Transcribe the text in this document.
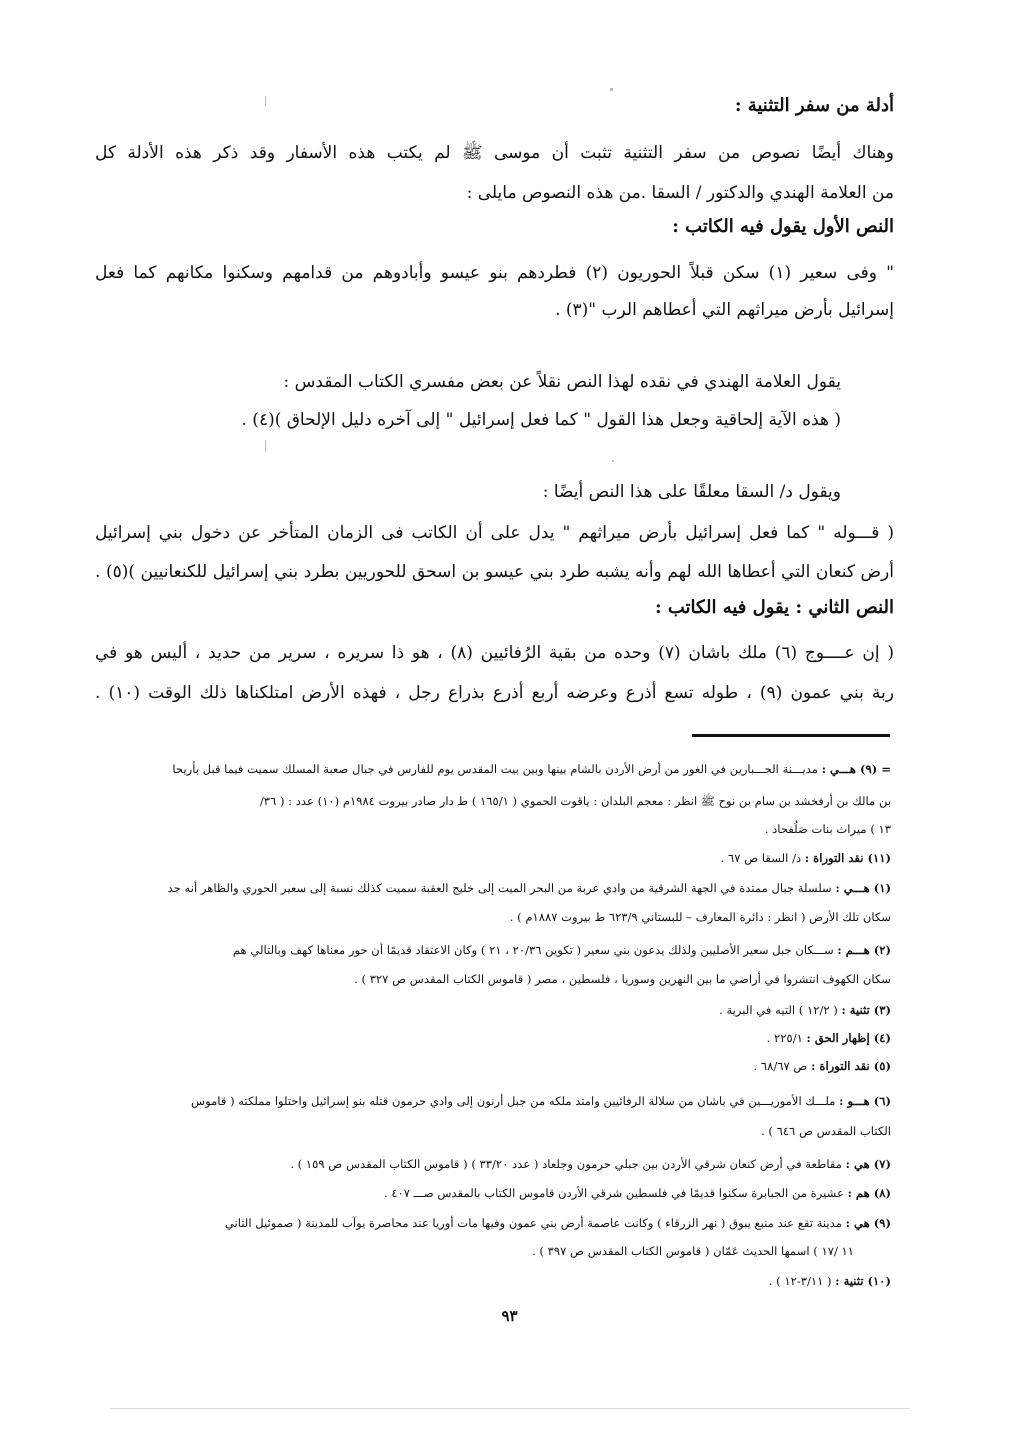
أدلة من سفر التثنية :
وهناك أيضًا نصوص من سفر التثنية تثبت أن موسى ﷺ لم يكتب هذه الأسفار وقد ذكر هذه الأدلة كل
من العلامة الهندي والدكتور / السقا .من هذه النصوص مايلى :
النص الأول يقول فيه الكاتب :
" وفى سعير (١) سكن قبلاً الحوريون (٢) فطردهم بنو عيسو وأبادوهم من قدامهم وسكنوا مكانهم كما فعل
إسرائيل بأرض ميراثهم التي أعطاهم الرب "(٣) .
يقول العلامة الهندي في نقده لهذا النص نقلاً عن بعض مفسري الكتاب المقدس :
( هذه الآية إلحاقية وجعل هذا القول " كما فعل إسرائيل " إلى آخره دليل الإلحاق )(٤) .
ويقول د/ السقا معلقًا على هذا النص أيضًا :
( قـــوله " كما فعل إسرائيل بأرض ميراثهم " يدل على أن الكاتب فى الزمان المتأخر عن دخول بني إسرائيل
أرض كنعان التي أعطاها الله لهم وأنه يشبه طرد بني عيسو بن اسحق للحوريين بطرد بني إسرائيل للكنعانيين )(٥) .
النص الثاني : يقول فيه الكاتب :
( إن عــــوج (٦) ملك باشان (٧) وحده من بقية الرُفائيين (٨) ، هو ذا سريره ، سرير من حديد ، أليس هو في
ربة بني عمون (٩) ، طوله تسع أذرع وعرضه أربع أذرع بذراع رجل ، فهذه الأرض امتلكناها ذلك الوقت (١٠) .
= (٩) هـــي : مديـــنة الجـــبارين في الغور من أرض الأردن بالشام بينها وبين بيت المقدس يوم للفارس في جبال صعبة المسلك سميت فيما قبل بأريحا
بن مالك بن أرفخشد بن سام بن نوح ﷺ انظر : معجم البلدان : ياقوت الحموي ( ١٦٥/١ ) ط دار صادر بيروت ١٩٨٤م (١٠) عدد : ( ٣٦/
١٣ ) ميراث بنات صَلُفحاد .
(١١) نقد التوراة : د/ السقا ص ٦٧ .
(١) هـــي : سلسلة جبال ممتدة في الجهة الشرقية من وادي عربة من البحر الميت إلى خليج العقبة سميت كذلك نسبة إلى سعير الحوري والظاهر أنه جد
سكان تلك الأرض ( انظر : دائرة المعارف – للبستاني ٦٢٣/٩ ط بيروت ١٨٨٧م ) .
(٢) هـــم : ســـكان جبل سعير الأصليين ولذلك يدعون بني سعير ( تكوين ٢٠/٣٦ ، ٢١ ) وكان الاعتقاد قديمًا أن حور معناها كهف وبالتالي هم
سكان الكهوف انتشروا في أراضي ما بين النهرين وسوريا ، فلسطين ، مصر ( قاموس الكتاب المقدس ص ٣٢٧ ) .
(٣) تثنية : ( ١٢/٢ ) التيه في البرية .
(٤) إظهار الحق : ٢٢٥/١ .
(٥) نقد التوراة : ص ٦٨/٦٧ .
(٦) هـــو : ملـــك الأموريـــين في باشان من سلالة الرفائيين وامتد ملكه من جبل أرنون إلى وادي حرمون قتله بنو إسرائيل واحتلوا مملكته ( قاموس
الكتاب المقدس ص ٦٤٦ ) .
(٧) هي : مقاطعة في أرض كنعان شرقي الأردن بين جبلي حرمون وجلعاد ( عدد ٣٣/٢٠ ) ( قاموس الكتاب المقدس ص ١٥٩ ) .
(٨) هم : عشيرة من الجبابرة سكنوا قديمًا في فلسطين شرقي الأردن قاموس الكتاب بالمقدس صـــ ٤٠٧ .
(٩) هي : مدينة تقع عند منبع يبوق ( نهر الزرقاء ) وكانت عاصمة أرض بني عمون وفيها مات أوريا عند محاصرة يوآب للمدينة ( صموئيل الثاني
١١ /١٧ ) اسمها الحديث عَمّان ( قاموس الكتاب المقدس ص ٣٩٧ ) .
(١٠) تثنية : ( ٣/١١-١٢ ) .
٩٣
